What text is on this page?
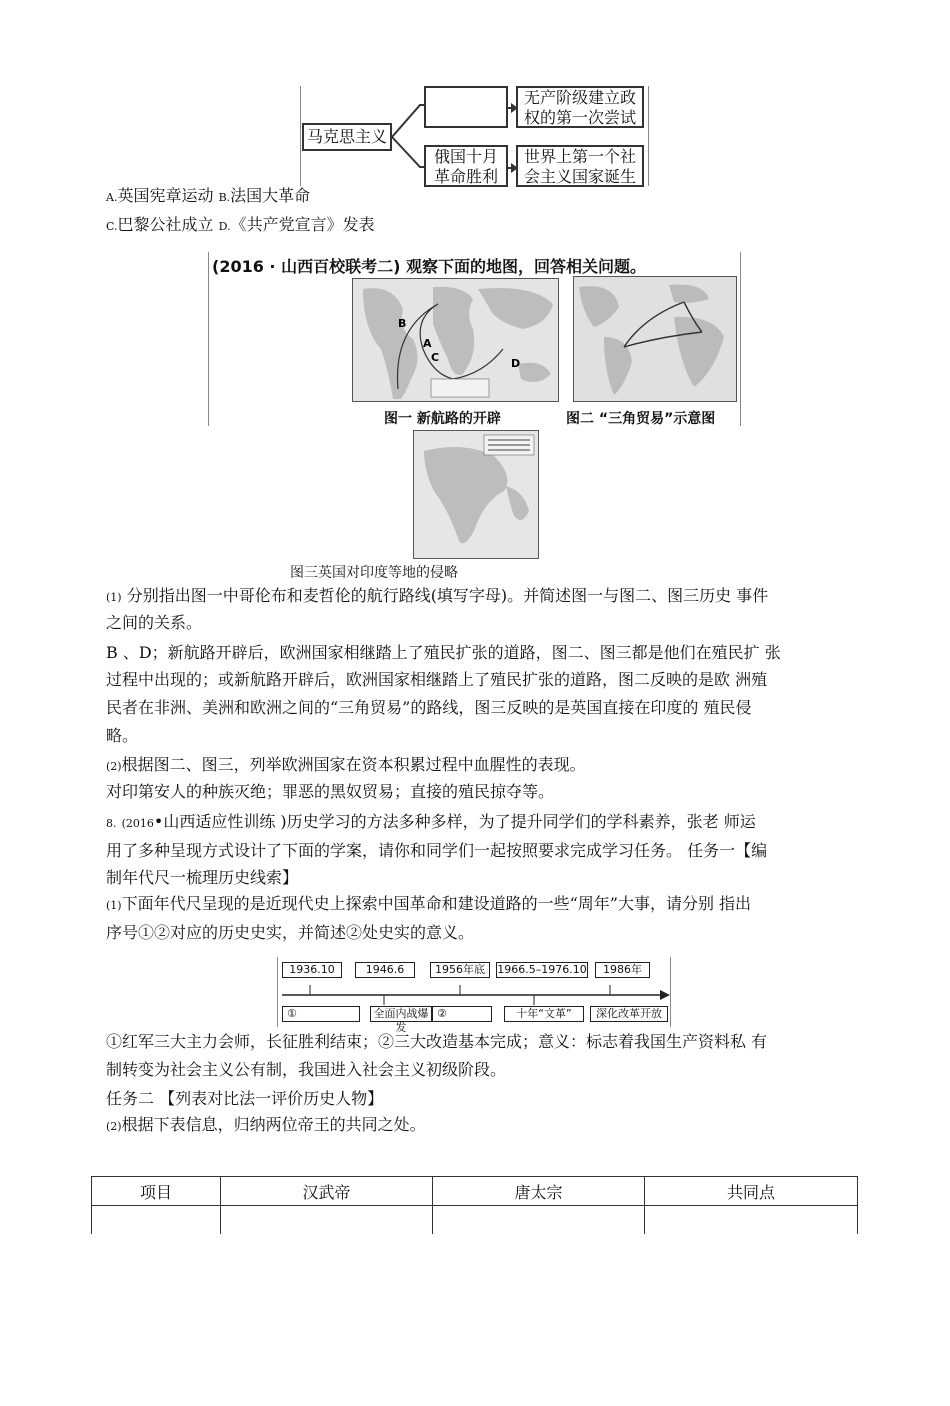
马克思主义
无产阶级建立政
权的第一次尝试
俄国十月
革命胜利
世界上第一个社
会主义国家诞生
A.英国宪章运动 B.法国大革命
C.巴黎公社成立 D.《共产党宣言》发表
(2016 · 山西百校联考二) 观察下面的地图，回答相关问题。
B
A
C	D
图一 新航路的开辟	图二 “三角贸易”示意图
图三英国对印度等地的侵略
(1) 分别指出图一中哥伦布和麦哲伦的航行路线(填写字母)。并简述图一与图二、图三历史 事件
之间的关系。
B 、D；新航路开辟后，欧洲国家相继踏上了殖民扩张的道路，图二、图三都是他们在殖民扩 张
过程中出现的；或新航路开辟后，欧洲国家相继踏上了殖民扩张的道路，图二反映的是欧 洲殖
民者在非洲、美洲和欧洲之间的“三角贸易”的路线，图三反映的是英国直接在印度的 殖民侵
略。
(2)根据图二、图三，列举欧洲国家在资本积累过程中血腥性的表现。
对印第安人的种族灭绝；罪恶的黑奴贸易；直接的殖民掠夺等。
8. (2016•山西适应性训练 )历史学习的方法多种多样，为了提升同学们的学科素养，张老 师运
用了多种呈现方式设计了下面的学案，请你和同学们一起按照要求完成学习任务。 任务一【编
制年代尺一梳理历史线索】
(1)下面年代尺呈现的是近现代史上探索中国革命和建设道路的一些“周年”大事，请分别 指出
序号①②对应的历史史实，并简述②处史实的意义。
1936.10	1946.6	1956年底	1966.5–1976.10	1986年
①	全面内战爆发
②	十年“文革”	深化改革开放
①红军三大主力会师，长征胜利结束；②三大改造基本完成；意义：标志着我国生产资料私 有
制转变为社会主义公有制，我国进入社会主义初级阶段。
任务二 【列表对比法一评价历史人物】
(2)根据下表信息，归纳两位帝王的共同之处。
项目	汉武帝	唐太宗	共同点
